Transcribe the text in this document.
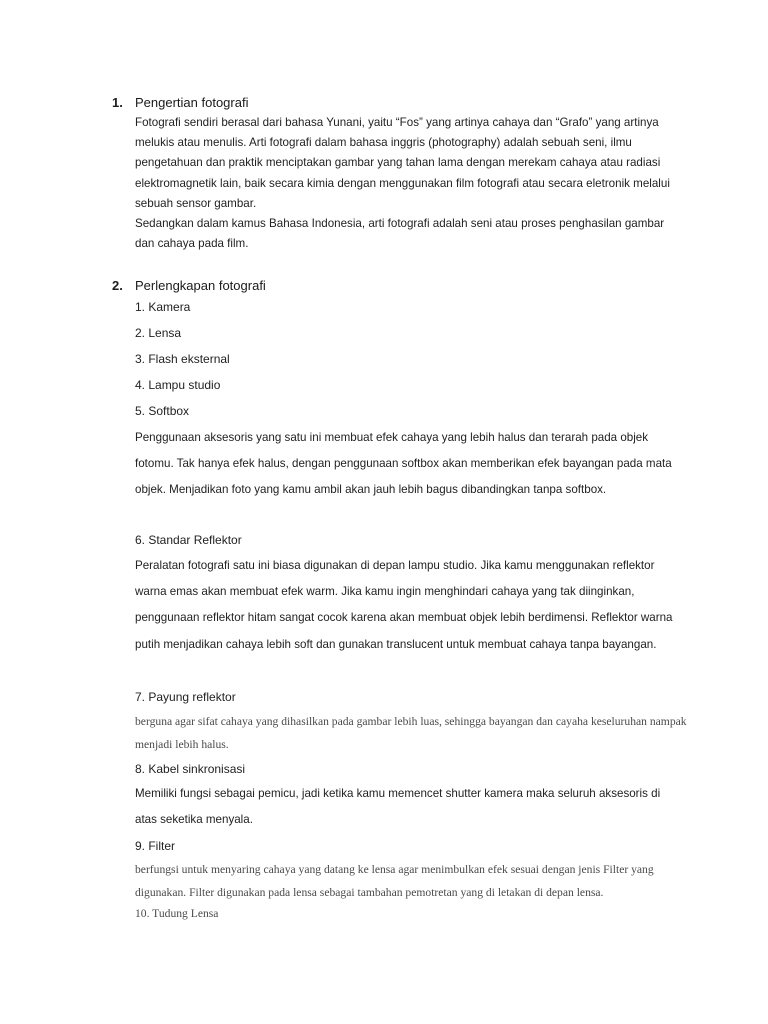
1. Pengertian fotografi
Fotografi sendiri berasal dari bahasa Yunani, yaitu “Fos” yang artinya cahaya dan “Grafo” yang artinya melukis atau menulis. Arti fotografi dalam bahasa inggris (photography) adalah sebuah seni, ilmu pengetahuan dan praktik menciptakan gambar yang tahan lama dengan merekam cahaya atau radiasi elektromagnetik lain, baik secara kimia dengan menggunakan film fotografi atau secara eletronik melalui sebuah sensor gambar.
Sedangkan dalam kamus Bahasa Indonesia, arti fotografi adalah seni atau proses penghasilan gambar dan cahaya pada film.
2. Perlengkapan fotografi
1. Kamera
2. Lensa
3. Flash eksternal
4. Lampu studio
5. Softbox
Penggunaan aksesoris yang satu ini membuat efek cahaya yang lebih halus dan terarah pada objek fotomu. Tak hanya efek halus, dengan penggunaan softbox akan memberikan efek bayangan pada mata objek. Menjadikan foto yang kamu ambil akan jauh lebih bagus dibandingkan tanpa softbox.
6. Standar Reflektor
Peralatan fotografi satu ini biasa digunakan di depan lampu studio. Jika kamu menggunakan reflektor warna emas akan membuat efek warm. Jika kamu ingin menghindari cahaya yang tak diinginkan, penggunaan reflektor hitam sangat cocok karena akan membuat objek lebih berdimensi. Reflektor warna putih menjadikan cahaya lebih soft dan gunakan translucent untuk membuat cahaya tanpa bayangan.
7. Payung reflektor
berguna agar sifat cahaya yang dihasilkan pada gambar lebih luas, sehingga bayangan dan cayaha keseluruhan nampak menjadi lebih halus.
8. Kabel sinkronisasi
Memiliki fungsi sebagai pemicu, jadi ketika kamu memencet shutter kamera maka seluruh aksesoris di atas seketika menyala.
9. Filter
berfungsi untuk menyaring cahaya yang datang ke lensa agar menimbulkan efek sesuai dengan jenis Filter yang digunakan. Filter digunakan pada lensa sebagai tambahan pemotretan yang di letakan di depan lensa.
10. Tudung Lensa
